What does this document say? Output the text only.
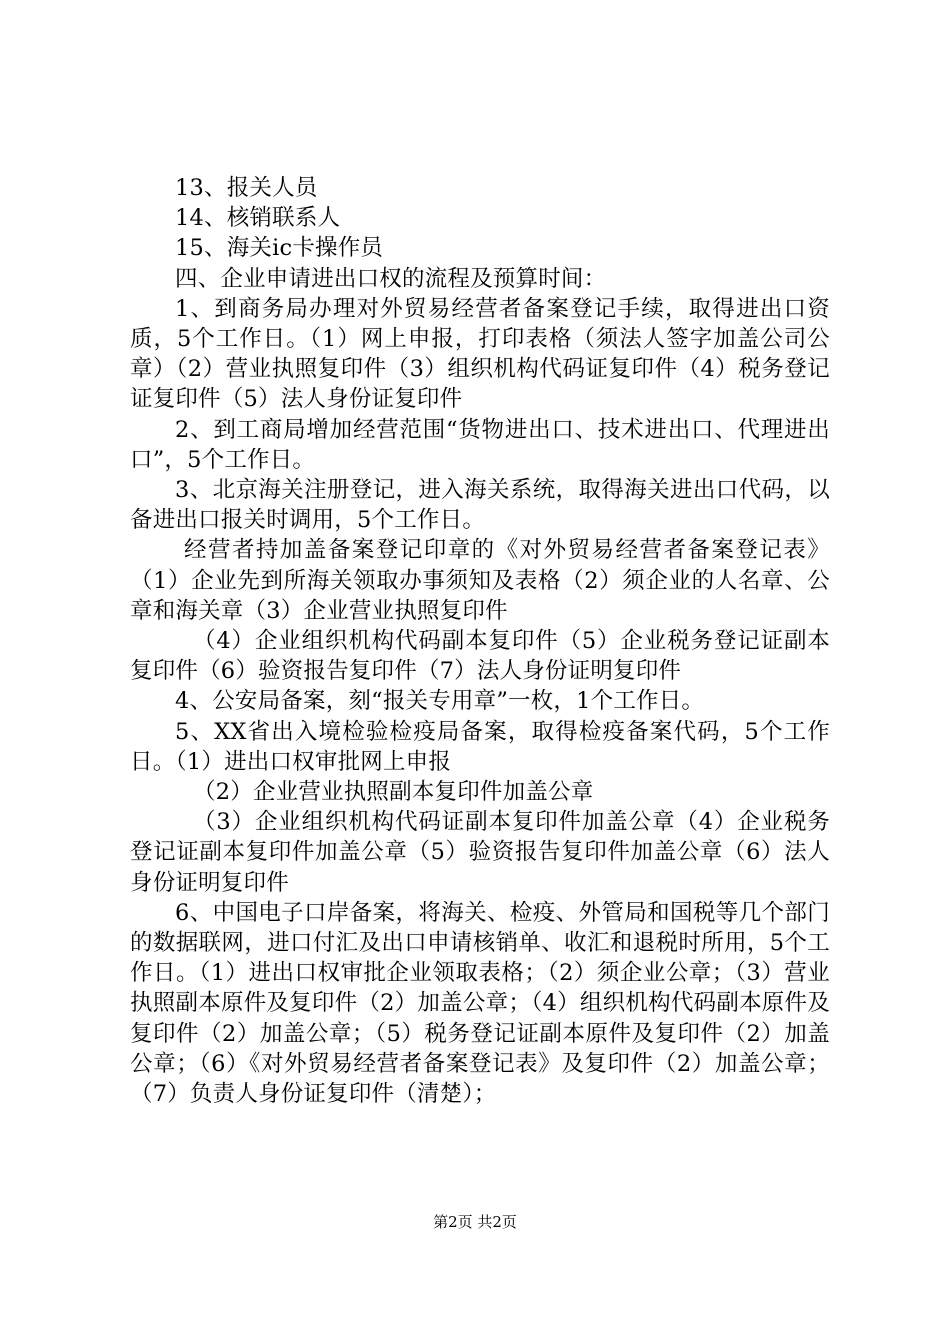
13、报关人员

14、核销联系人

15、海关ic卡操作员

四、企业申请进出口权的流程及预算时间：

1、到商务局办理对外贸易经营者备案登记手续，取得进出口资质，5个工作日。（1）网上申报，打印表格（须法人签字加盖公司公章）（2）营业执照复印件（3）组织机构代码证复印件（4）税务登记证复印件（5）法人身份证复印件

2、到工商局增加经营范围“货物进出口、技术进出口、代理进出口”，5个工作日。

3、北京海关注册登记，进入海关系统，取得海关进出口代码，以备进出口报关时调用，5个工作日。

经营者持加盖备案登记印章的《对外贸易经营者备案登记表》（1）企业先到所海关领取办事须知及表格（2）须企业的人名章、公章和海关章（3）企业营业执照复印件

（4）企业组织机构代码副本复印件（5）企业税务登记证副本复印件（6）验资报告复印件（7）法人身份证明复印件

4、公安局备案，刻“报关专用章”一枚，1个工作日。

5、XX省出入境检验检疫局备案，取得检疫备案代码，5个工作日。（1）进出口权审批网上申报

（2）企业营业执照副本复印件加盖公章

（3）企业组织机构代码证副本复印件加盖公章（4）企业税务登记证副本复印件加盖公章（5）验资报告复印件加盖公章（6）法人身份证明复印件

6、中国电子口岸备案，将海关、检疫、外管局和国税等几个部门的数据联网，进口付汇及出口申请核销单、收汇和退税时所用，5个工作日。（1）进出口权审批企业领取表格；（2）须企业公章；（3）营业执照副本原件及复印件（2）加盖公章；（4）组织机构代码副本原件及复印件（2）加盖公章；（5）税务登记证副本原件及复印件（2）加盖公章；（6）《对外贸易经营者备案登记表》及复印件（2）加盖公章；（7）负责人身份证复印件（清楚）；

第2页 共2页
